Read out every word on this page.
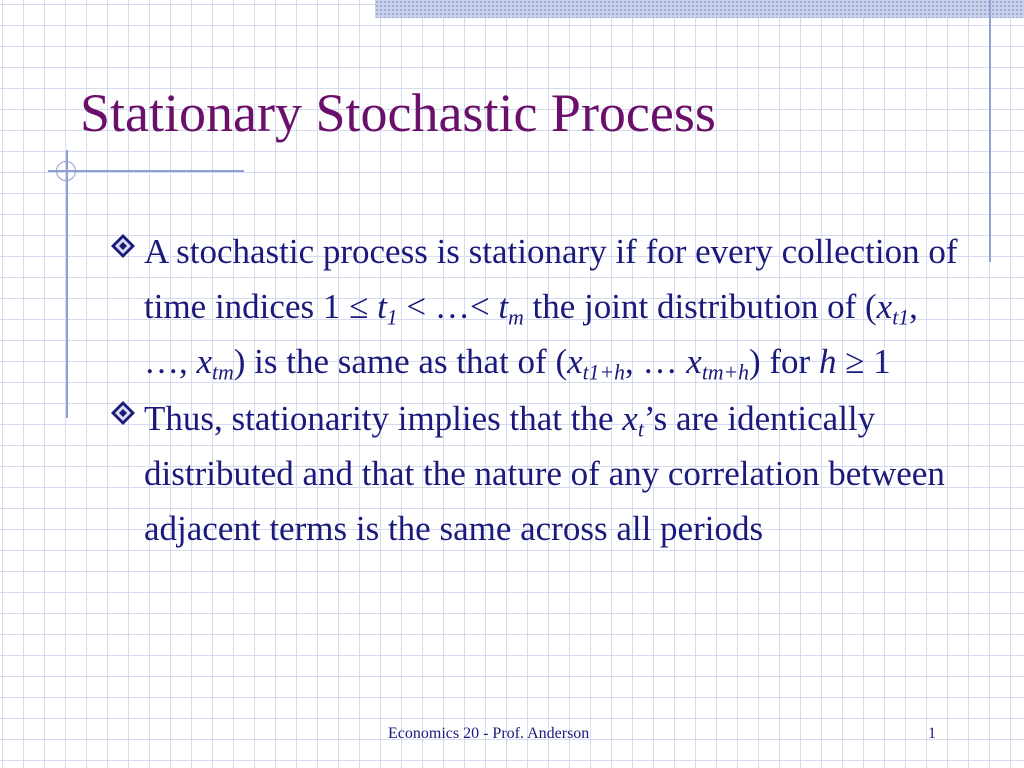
Stationary Stochastic Process
A stochastic process is stationary if for every collection of time indices $1 \le t_1$ < …< $t_m$ the joint distribution of ($x_{t1}$, …, $x_{tm}$) is the same as that of ($x_{t1+h}$, … $x_{tm+h}$) for h ≥ 1
Thus, stationarity implies that the $x_t’s$ are identically distributed and that the nature of any correlation between adjacent terms is the same across all periods
Economics 20 - Prof. Anderson	1
